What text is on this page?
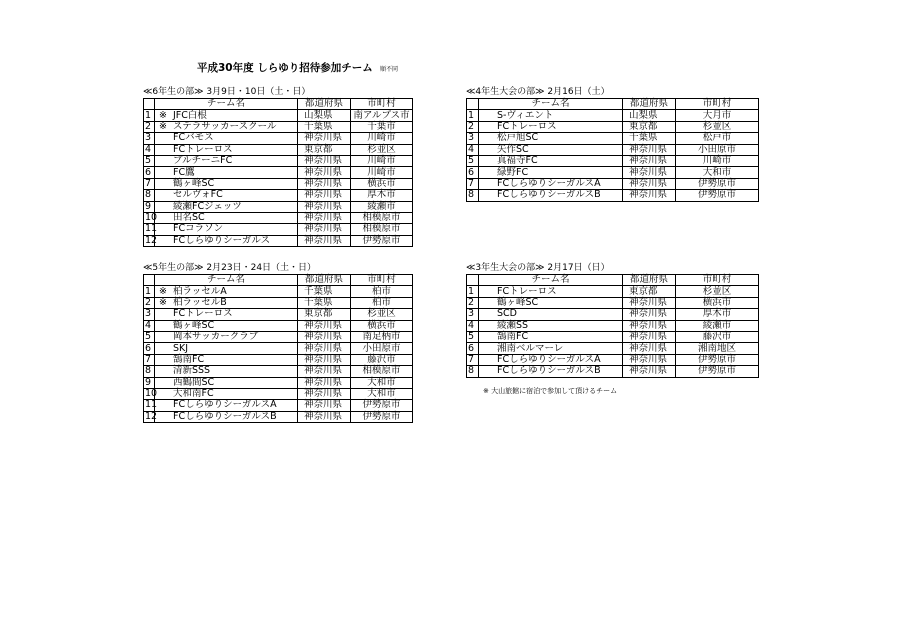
平成30年度 しらゆり招待参加チーム 順不同
≪6年生の部≫ 3月9日・10日（土・日）
	チーム名	都道府県	市町村
1	※ JFC白根	山梨県	南アルプス市
2	※ ステラサッカースクール	千葉県	千葉市
3	FCバモス	神奈川県	川崎市
4	FCトレーロス	東京都	杉並区
5	ブルチーニFC	神奈川県	川崎市
6	FC鷹	神奈川県	川崎市
7	鶴ヶ峰SC	神奈川県	横浜市
8	セルヴォFC	神奈川県	厚木市
9	綾瀬FCジェッツ	神奈川県	綾瀬市
10	田名SC	神奈川県	相模原市
11	FCコラソン	神奈川県	相模原市
12	FCしらゆりシーガルス	神奈川県	伊勢原市
≪4年生大会の部≫ 2月16日（土）
	チーム名	都道府県	市町村
1	S-ヴィエント	山梨県	大月市
2	FCトレーロス	東京都	杉並区
3	松戸旭SC	千葉県	松戸市
4	矢作SC	神奈川県	小田原市
5	真福寺FC	神奈川県	川崎市
6	緑野FC	神奈川県	大和市
7	FCしらゆりシーガルスA	神奈川県	伊勢原市
8	FCしらゆりシーガルスB	神奈川県	伊勢原市
≪5年生の部≫ 2月23日・24日（土・日）
	チーム名	都道府県	市町村
1	※ 柏ラッセルA	千葉県	柏市
2	※ 柏ラッセルB	千葉県	柏市
3	FCトレーロス	東京都	杉並区
4	鶴ヶ峰SC	神奈川県	横浜市
5	岡本サッカークラブ	神奈川県	南足柄市
6	SKJ	神奈川県	小田原市
7	鵠南FC	神奈川県	藤沢市
8	清新SSS	神奈川県	相模原市
9	西鶴間SC	神奈川県	大和市
10	大和南FC	神奈川県	大和市
11	FCしらゆりシーガルスA	神奈川県	伊勢原市
12	FCしらゆりシーガルスB	神奈川県	伊勢原市
≪3年生大会の部≫ 2月17日（日）
	チーム名	都道府県	市町村
1	FCトレーロス	東京都	杉並区
2	鶴ヶ峰SC	神奈川県	横浜市
3	SCD	神奈川県	厚木市
4	綾瀬SS	神奈川県	綾瀬市
5	鵠南FC	神奈川県	藤沢市
6	湘南ベルマーレ	神奈川県	湘南地区
7	FCしらゆりシーガルスA	神奈川県	伊勢原市
8	FCしらゆりシーガルスB	神奈川県	伊勢原市
※ 大山旅館に宿泊で参加して頂けるチーム
